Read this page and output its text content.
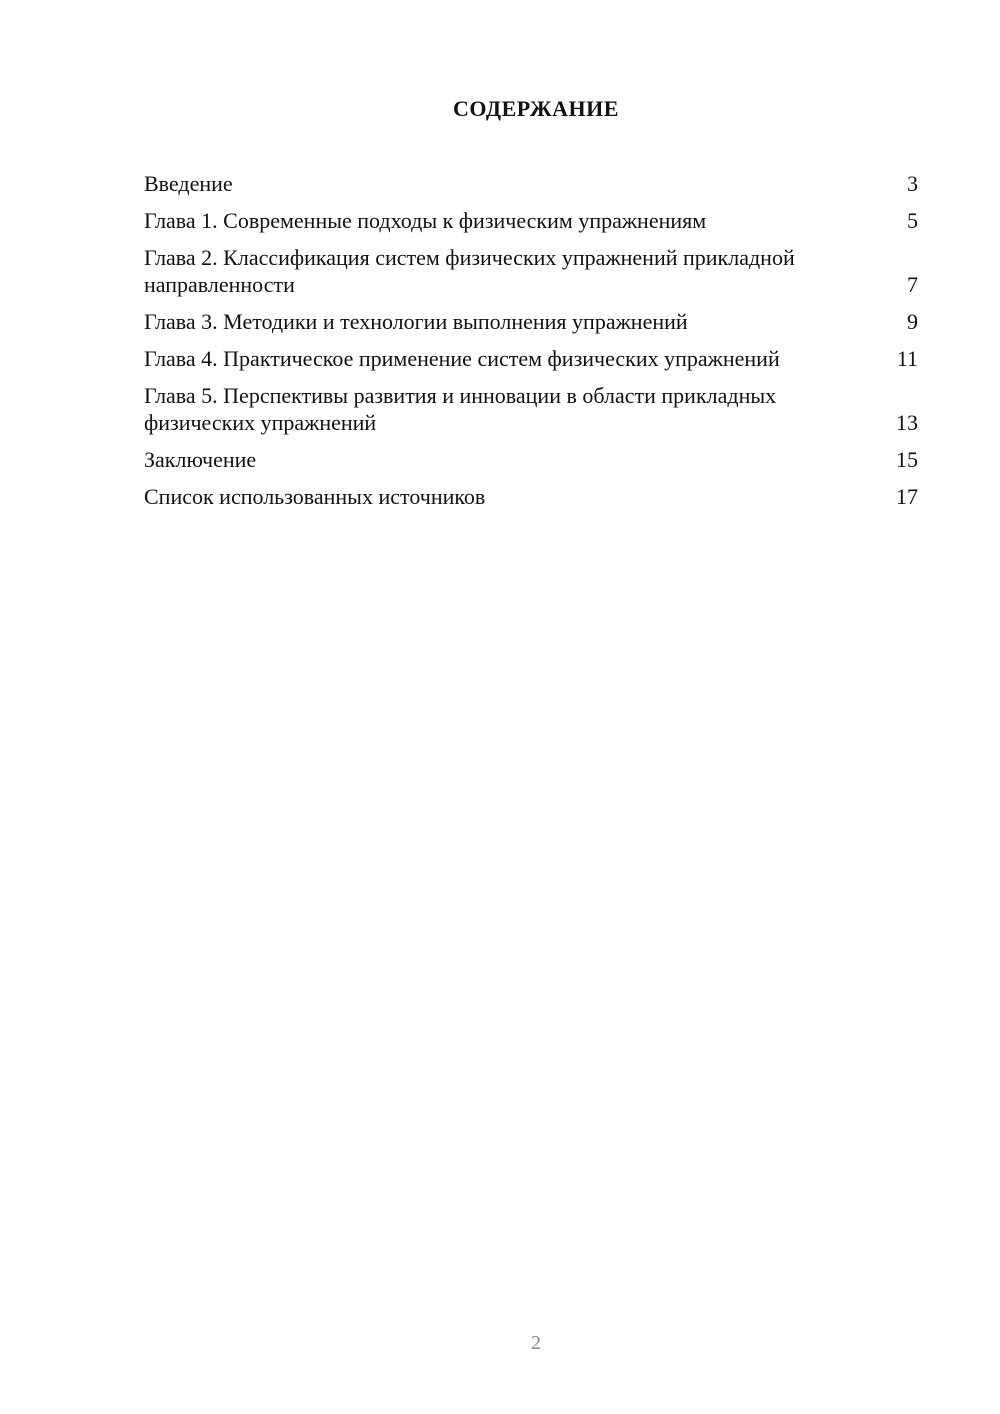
СОДЕРЖАНИЕ
Введение	3
Глава 1. Современные подходы к физическим упражнениям	5
Глава 2. Классификация систем физических упражнений прикладной направленности	7
Глава 3. Методики и технологии выполнения упражнений	9
Глава 4. Практическое применение систем физических упражнений	11
Глава 5. Перспективы развития и инновации в области прикладных физических упражнений	13
Заключение	15
Список использованных источников	17
2
